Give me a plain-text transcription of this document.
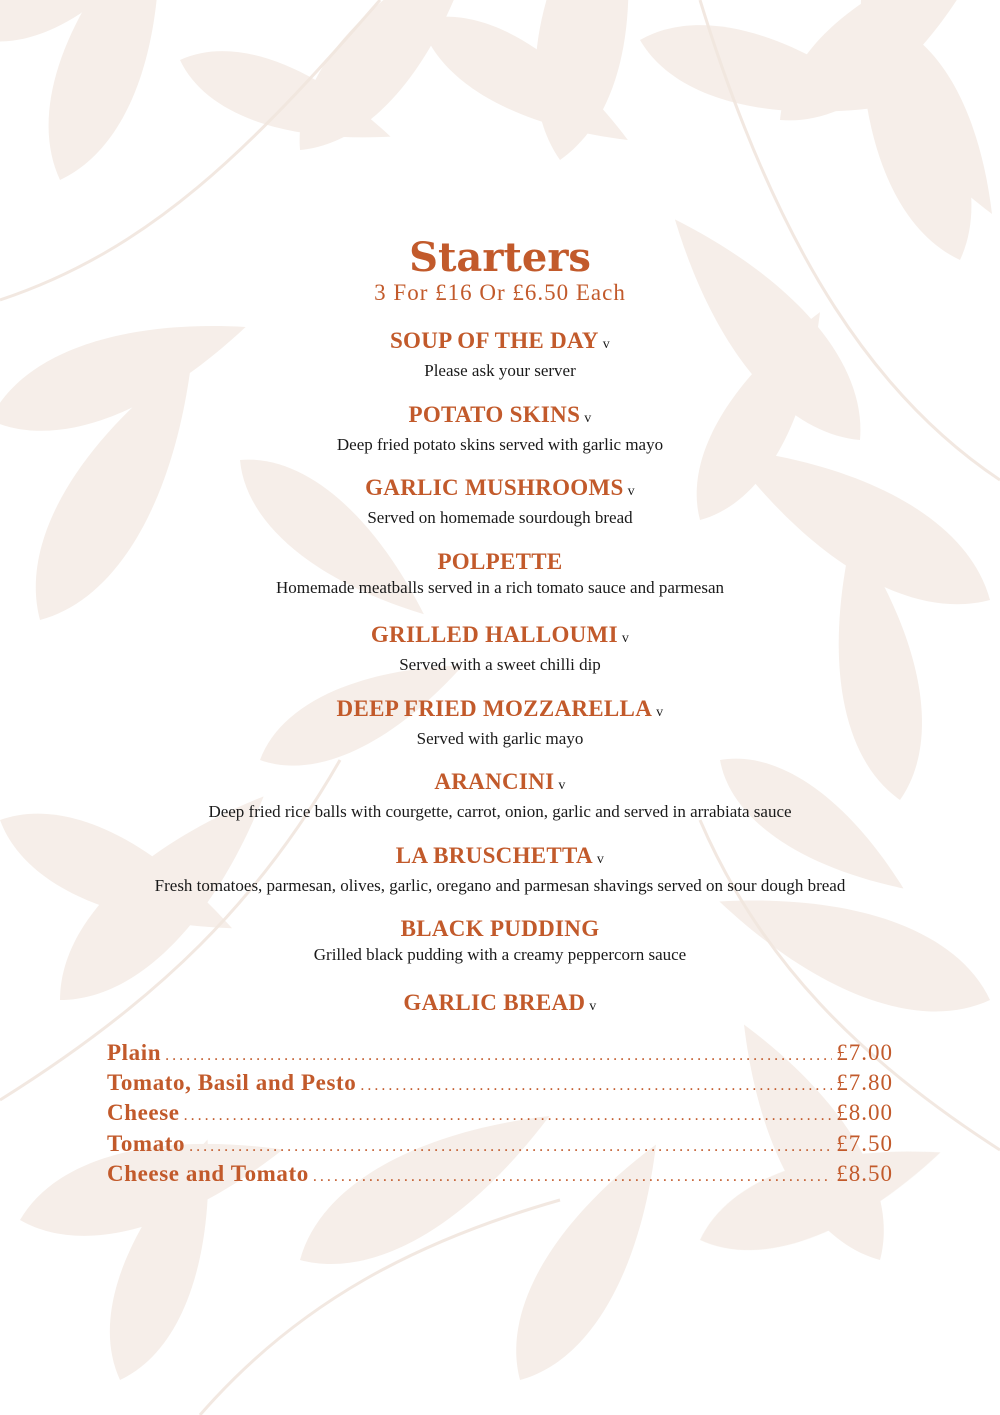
Starters
3 For £16 Or £6.50 Each
SOUP OF THE DAY v
Please ask your server
POTATO SKINS v
Deep fried potato skins served with garlic mayo
GARLIC MUSHROOMS v
Served on homemade sourdough bread
POLPETTE
Homemade meatballs served in a rich tomato sauce and parmesan
GRILLED HALLOUMI v
Served with a sweet chilli dip
DEEP FRIED MOZZARELLA v
Served with garlic mayo
ARANCINI v
Deep fried rice balls with courgette, carrot, onion, garlic and served in arrabiata sauce
LA BRUSCHETTA v
Fresh tomatoes, parmesan, olives, garlic, oregano and parmesan shavings served on sour dough bread
BLACK PUDDING
Grilled black pudding with a creamy peppercorn sauce
GARLIC BREAD v
Plain .....	£7.00
Tomato, Basil and Pesto .....	£7.80
Cheese .....	£8.00
Tomato .....	£7.50
Cheese and Tomato .....	£8.50
